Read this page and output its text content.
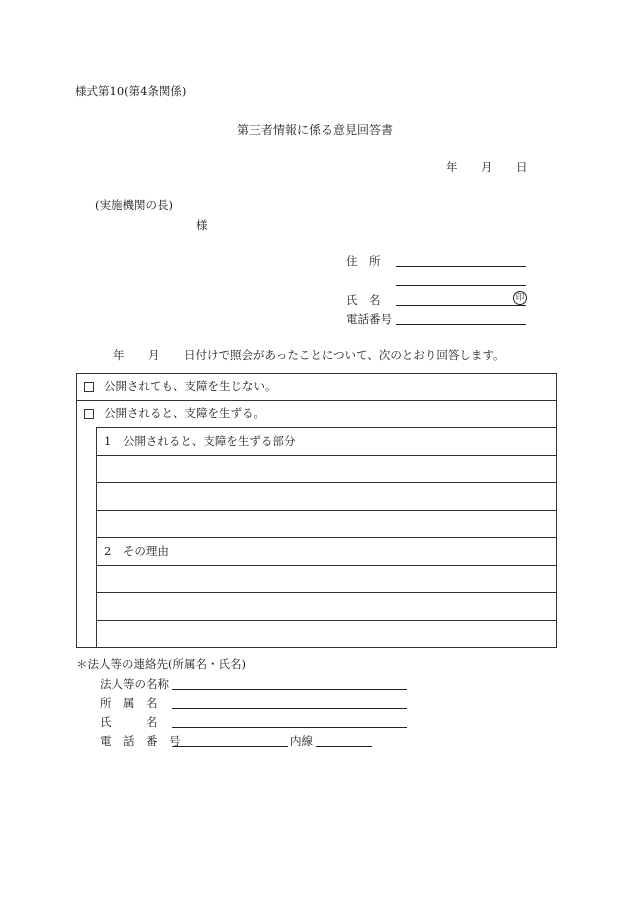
様式第10(第4条関係)
第三者情報に係る意見回答書
年 月 日
(実施機関の長)
様
住　所
氏　名	印
電話番号
年 月 日付けで照会があったことについて、次のとおり回答します。
公開されても、支障を生じない。
公開されると、支障を生ずる。
1　公開されると、支障を生ずる部分
2　その理由
＊法人等の連絡先(所属名・氏名)
法人等の名称
所　属　名
氏　　　名
電　話　番　号	内線
